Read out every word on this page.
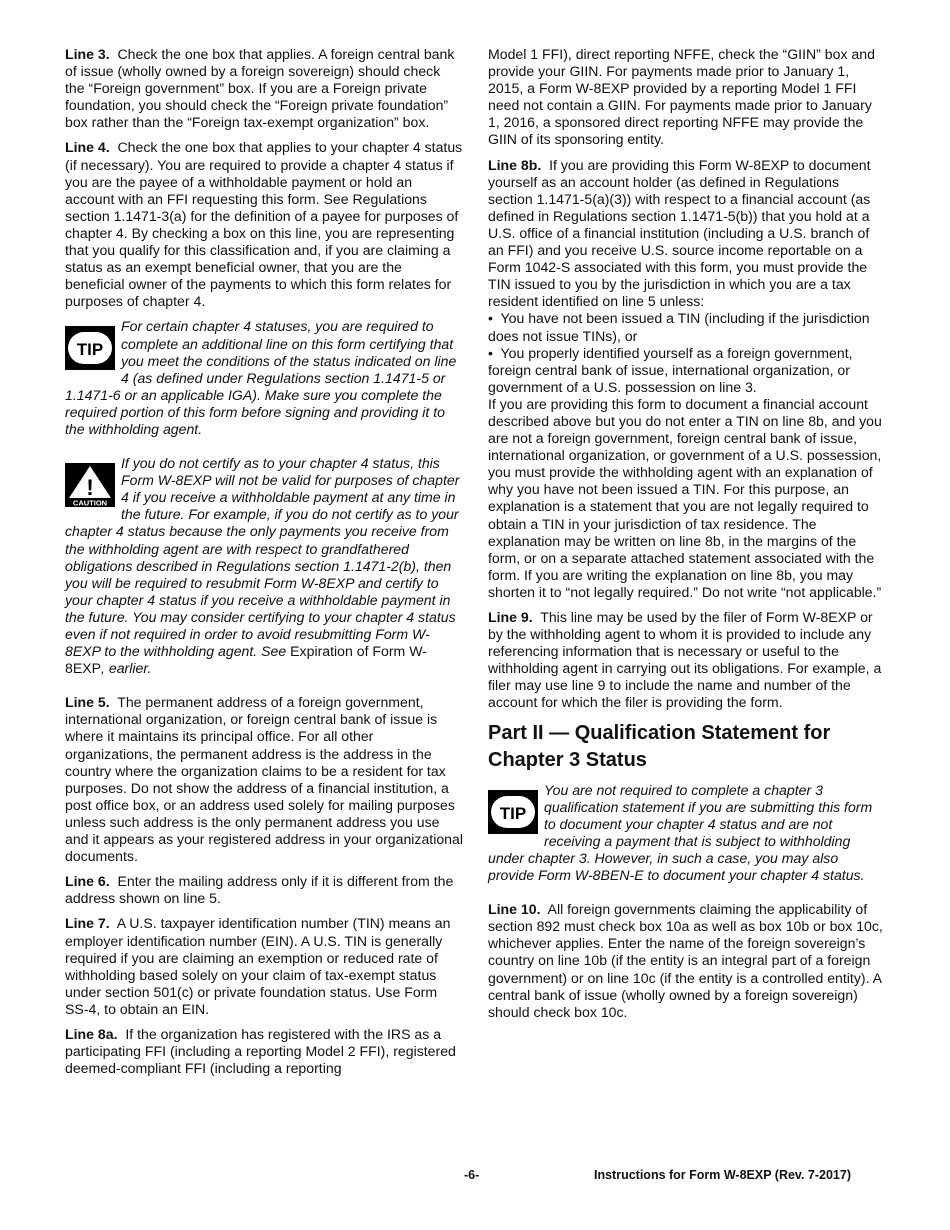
Line 3. Check the one box that applies. A foreign central bank of issue (wholly owned by a foreign sovereign) should check the “Foreign government” box. If you are a Foreign private foundation, you should check the “Foreign private foundation” box rather than the “Foreign tax-exempt organization” box.

Line 4. Check the one box that applies to your chapter 4 status (if necessary). You are required to provide a chapter 4 status if you are the payee of a withholdable payment or hold an account with an FFI requesting this form. See Regulations section 1.1471-3(a) for the definition of a payee for purposes of chapter 4. By checking a box on this line, you are representing that you qualify for this classification and, if you are claiming a status as an exempt beneficial owner, that you are the beneficial owner of the payments to which this form relates for purposes of chapter 4.

TIP

For certain chapter 4 statuses, you are required to complete an additional line on this form certifying that you meet the conditions of the status indicated on line 4 (as defined under Regulations section 1.1471-5 or 1.1471-6 or an applicable IGA). Make sure you complete the required portion of this form before signing and providing it to the withholding agent.

!
CAUTION

If you do not certify as to your chapter 4 status, this Form W-8EXP will not be valid for purposes of chapter 4 if you receive a withholdable payment at any time in the future. For example, if you do not certify as to your chapter 4 status because the only payments you receive from the withholding agent are with respect to grandfathered obligations described in Regulations section 1.1471-2(b), then you will be required to resubmit Form W-8EXP and certify to your chapter 4 status if you receive a withholdable payment in the future. You may consider certifying to your chapter 4 status even if not required in order to avoid resubmitting Form W-8EXP to the withholding agent. See Expiration of Form W-8EXP, earlier.

Line 5. The permanent address of a foreign government, international organization, or foreign central bank of issue is where it maintains its principal office. For all other organizations, the permanent address is the address in the country where the organization claims to be a resident for tax purposes. Do not show the address of a financial institution, a post office box, or an address used solely for mailing purposes unless such address is the only permanent address you use and it appears as your registered address in your organizational documents.

Line 6. Enter the mailing address only if it is different from the address shown on line 5.

Line 7. A U.S. taxpayer identification number (TIN) means an employer identification number (EIN). A U.S. TIN is generally required if you are claiming an exemption or reduced rate of withholding based solely on your claim of tax-exempt status under section 501(c) or private foundation status. Use Form SS-4, to obtain an EIN.

Line 8a. If the organization has registered with the IRS as a participating FFI (including a reporting Model 2 FFI), registered deemed-compliant FFI (including a reporting

Model 1 FFI), direct reporting NFFE, check the “GIIN” box and provide your GIIN. For payments made prior to January 1, 2015, a Form W-8EXP provided by a reporting Model 1 FFI need not contain a GIIN. For payments made prior to January 1, 2016, a sponsored direct reporting NFFE may provide the GIIN of its sponsoring entity.

Line 8b. If you are providing this Form W-8EXP to document yourself as an account holder (as defined in Regulations section 1.1471-5(a)(3)) with respect to a financial account (as defined in Regulations section 1.1471-5(b)) that you hold at a U.S. office of a financial institution (including a U.S. branch of an FFI) and you receive U.S. source income reportable on a Form 1042-S associated with this form, you must provide the TIN issued to you by the jurisdiction in which you are a tax resident identified on line 5 unless:

•  You have not been issued a TIN (including if the jurisdiction does not issue TINs), or

•  You properly identified yourself as a foreign government, foreign central bank of issue, international organization, or government of a U.S. possession on line 3.

If you are providing this form to document a financial account described above but you do not enter a TIN on line 8b, and you are not a foreign government, foreign central bank of issue, international organization, or government of a U.S. possession, you must provide the withholding agent with an explanation of why you have not been issued a TIN. For this purpose, an explanation is a statement that you are not legally required to obtain a TIN in your jurisdiction of tax residence. The explanation may be written on line 8b, in the margins of the form, or on a separate attached statement associated with the form. If you are writing the explanation on line 8b, you may shorten it to “not legally required.” Do not write “not applicable.”

Line 9. This line may be used by the filer of Form W-8EXP or by the withholding agent to whom it is provided to include any referencing information that is necessary or useful to the withholding agent in carrying out its obligations. For example, a filer may use line 9 to include the name and number of the account for which the filer is providing the form.

Part II — Qualification Statement for Chapter 3 Status
TIP

You are not required to complete a chapter 3 qualification statement if you are submitting this form to document your chapter 4 status and are not receiving a payment that is subject to withholding under chapter 3. However, in such a case, you may also provide Form W-8BEN-E to document your chapter 4 status.

Line 10. All foreign governments claiming the applicability of section 892 must check box 10a as well as box 10b or box 10c, whichever applies. Enter the name of the foreign sovereign’s country on line 10b (if the entity is an integral part of a foreign government) or on line 10c (if the entity is a controlled entity). A central bank of issue (wholly owned by a foreign sovereign) should check box 10c.

-6-	Instructions for Form W-8EXP (Rev. 7-2017)
